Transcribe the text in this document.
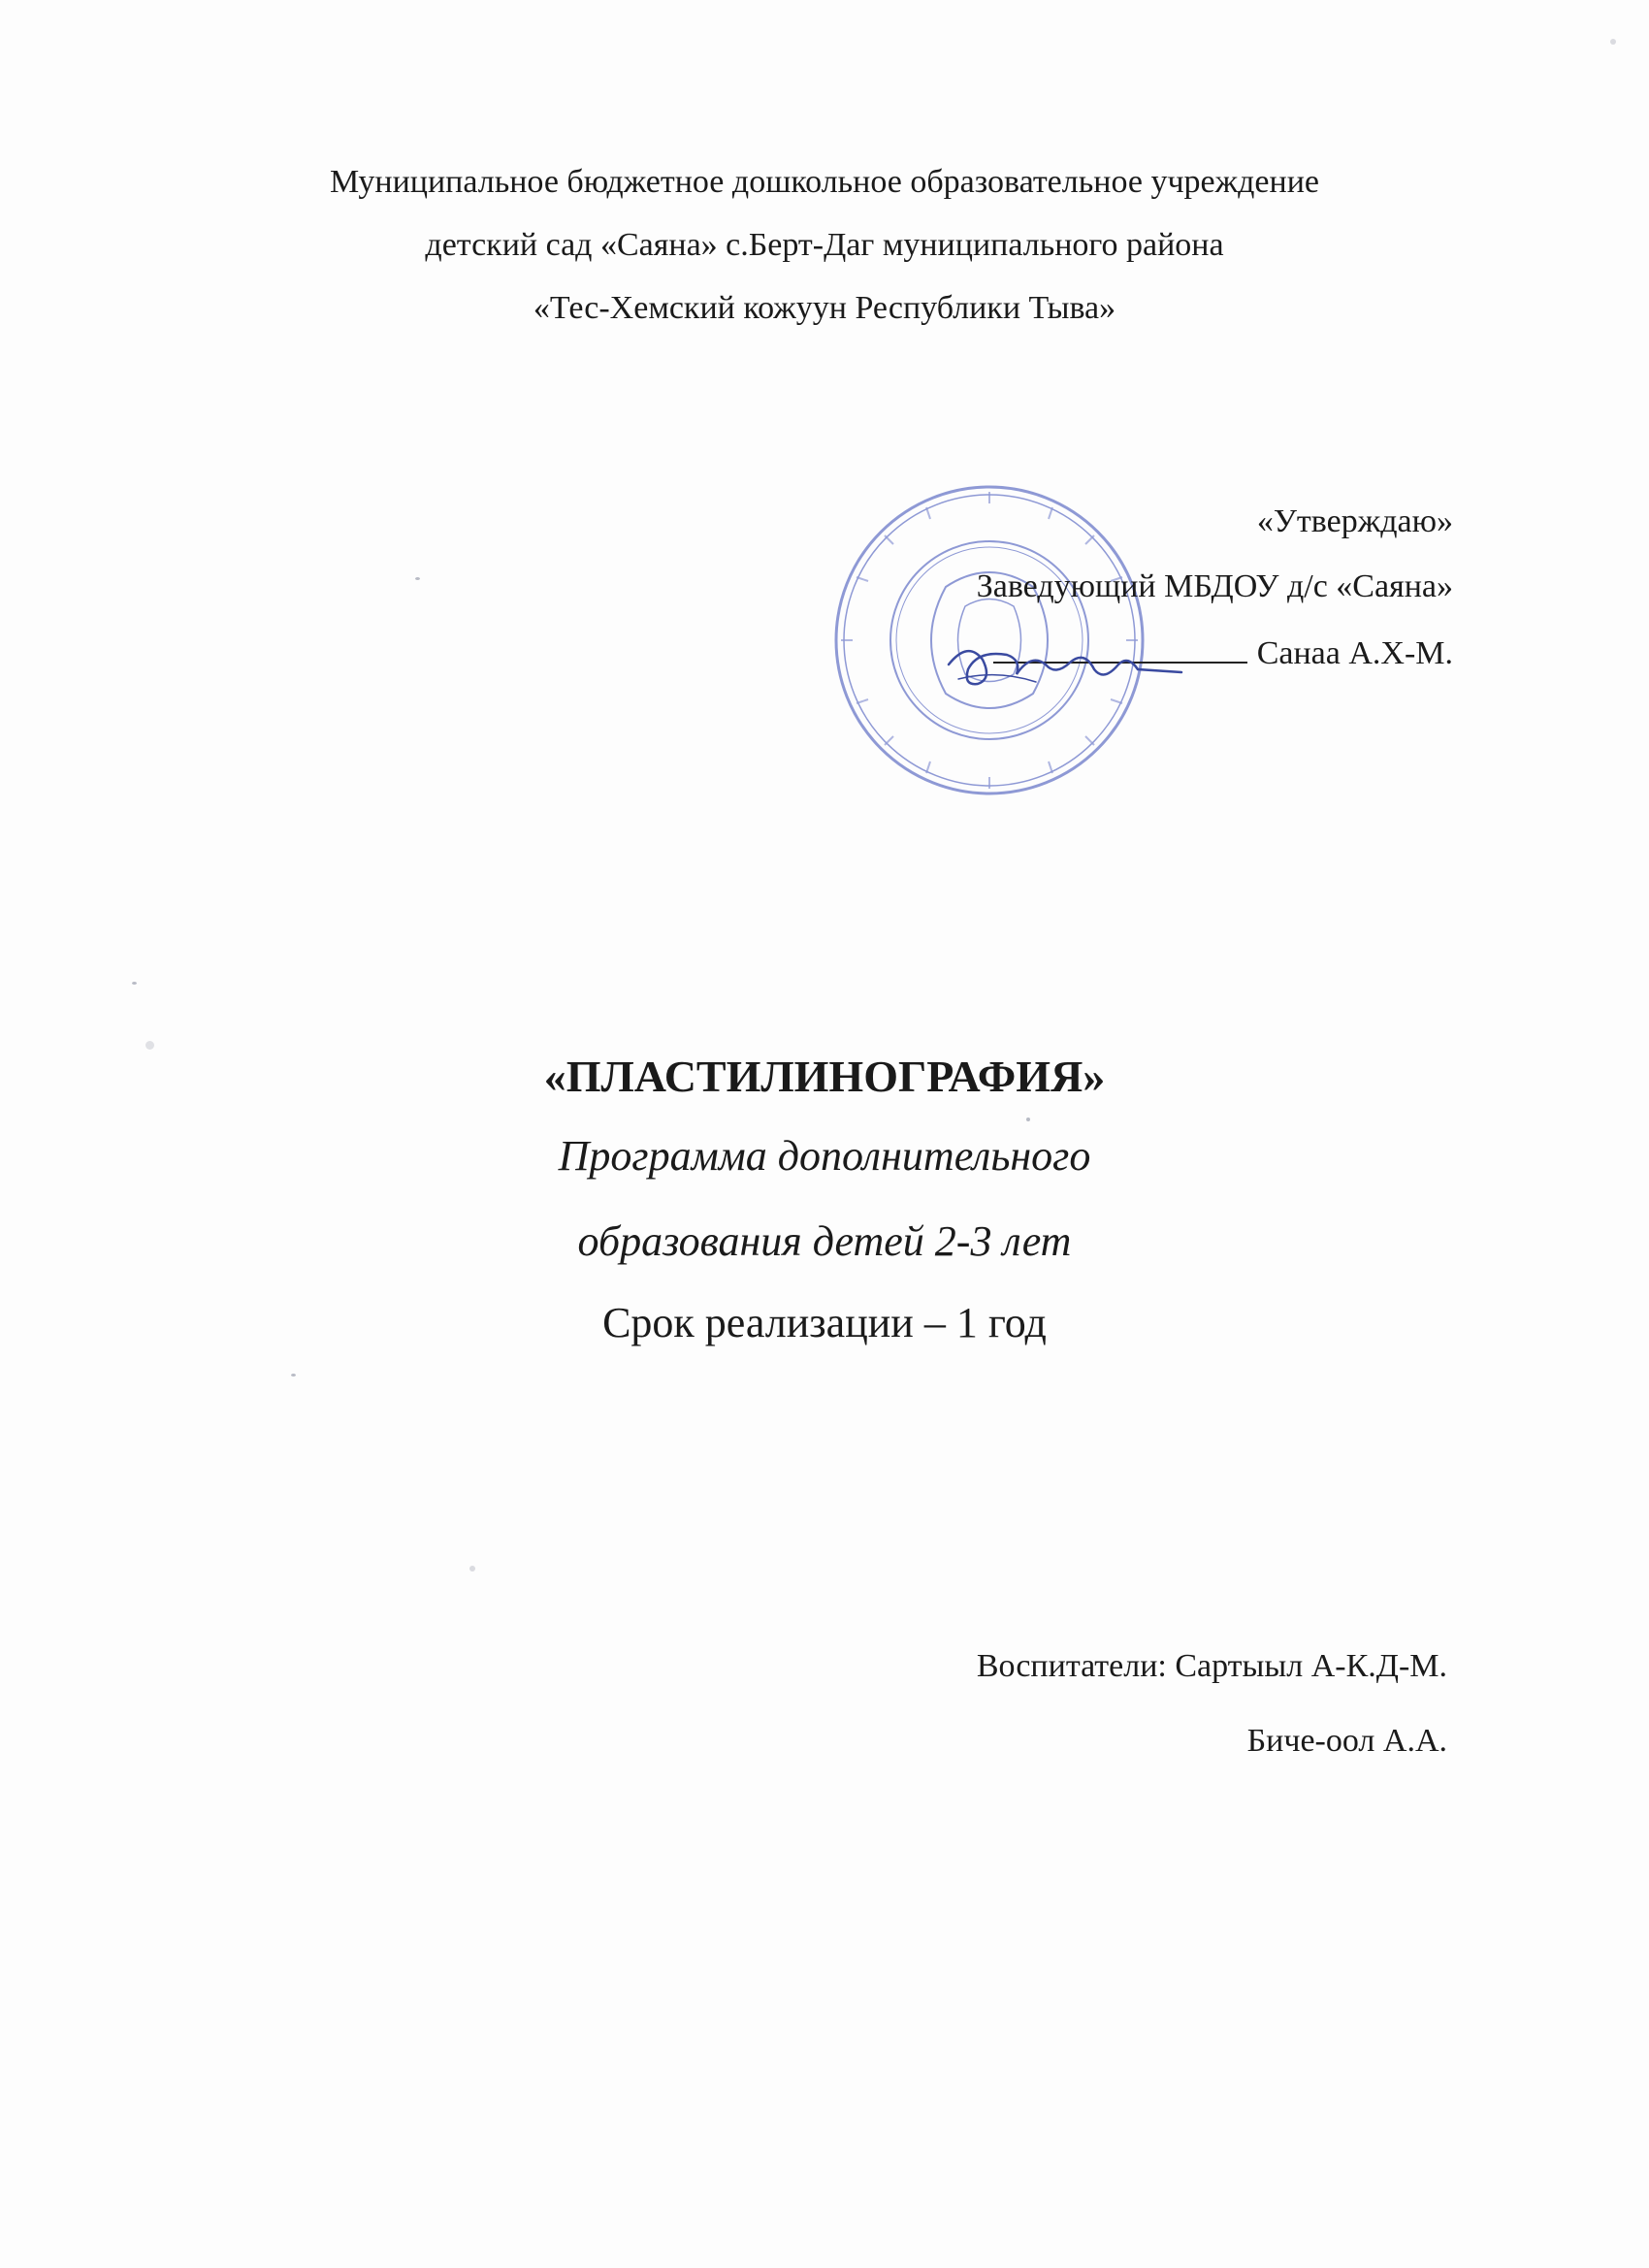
Муниципальное бюджетное дошкольное образовательное учреждение

детский сад «Саяна» с.Берт-Даг муниципального района

«Тес-Хемский кожуун Республики Тыва»

«Утверждаю»

Заведующий МБДОУ д/с «Саяна»

Санаа А.Х-М.

«ПЛАСТИЛИНОГРАФИЯ»

Программа дополнительного

образования детей 2-3 лет

Срок реализации – 1 год

Воспитатели: Сартыыл А-К.Д-М.

Биче-оол А.А.
